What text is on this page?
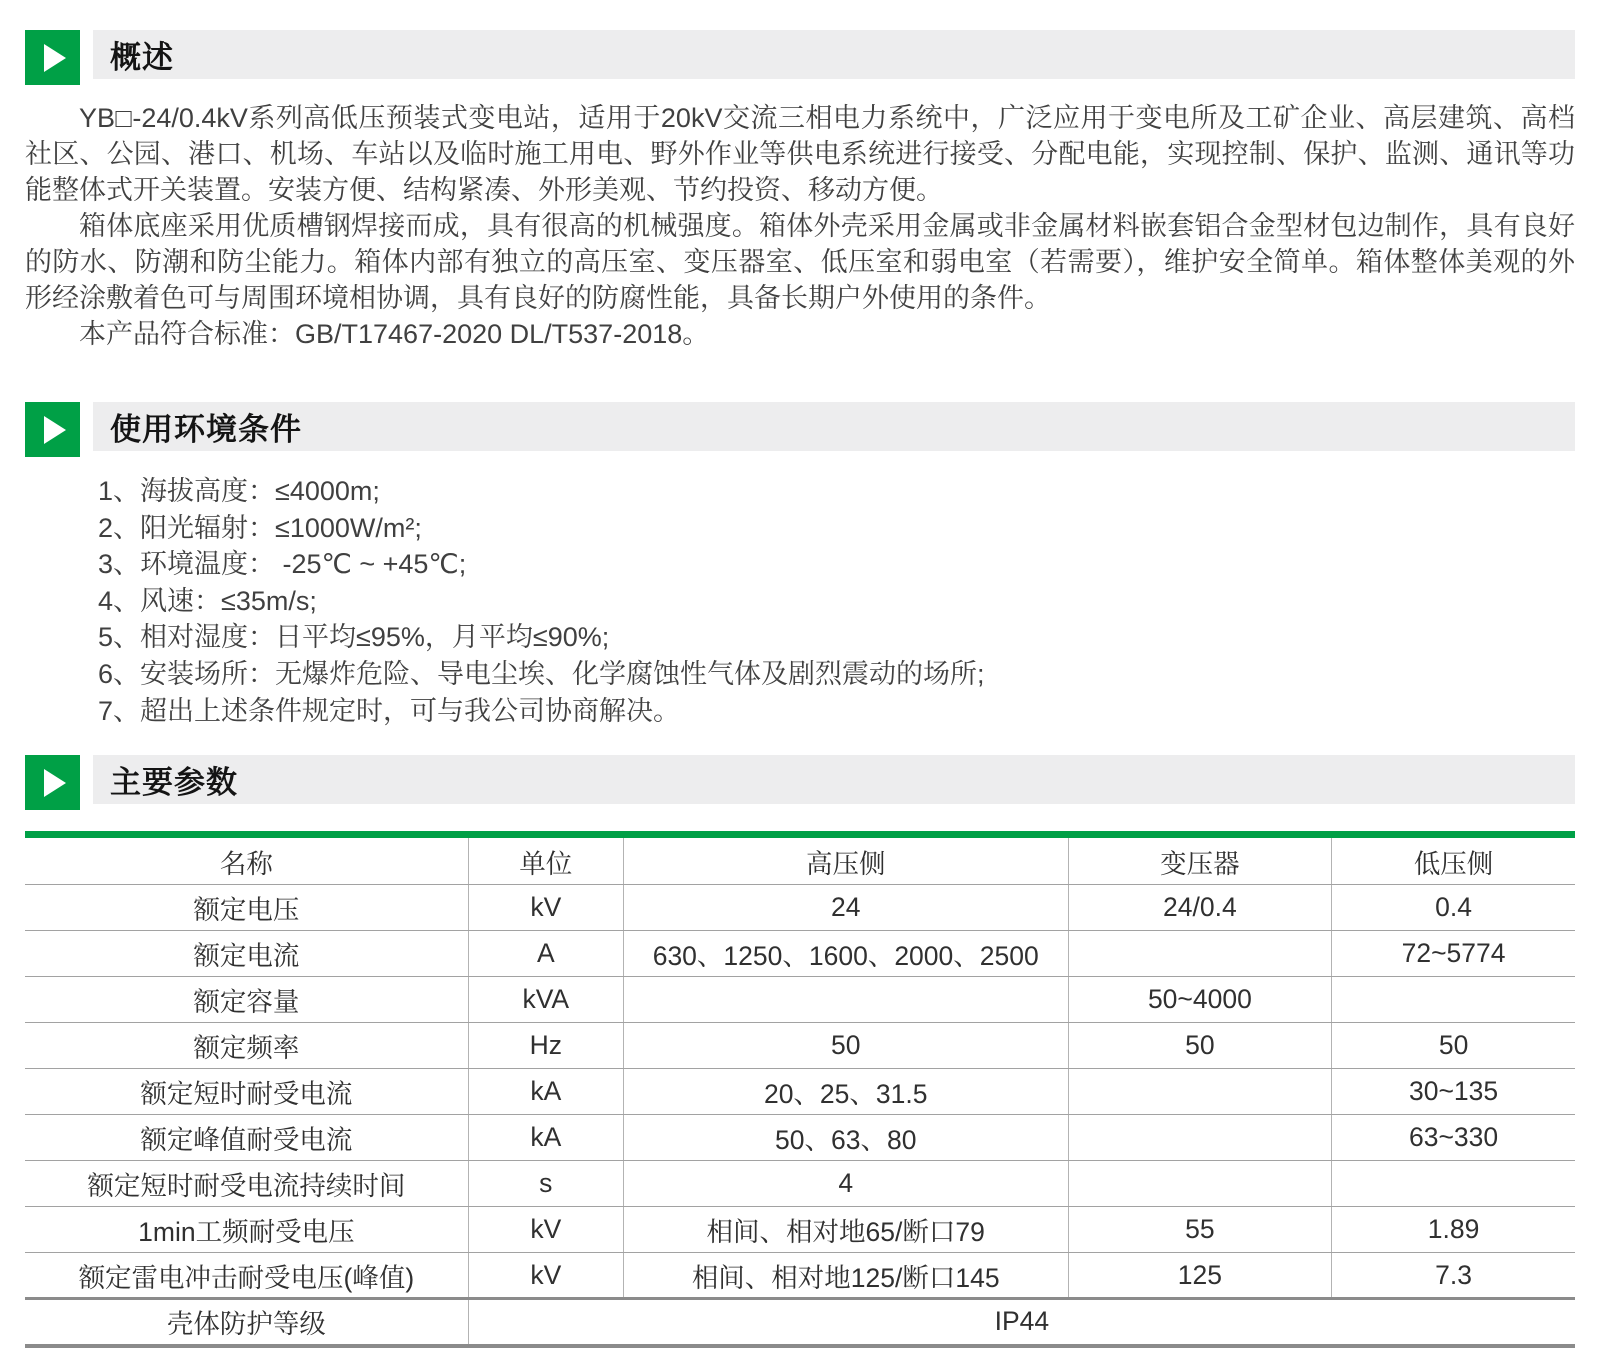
概述

YB□-24/0.4kV系列高低压预装式变电站，适用于20kV交流三相电力系统中，广泛应用于变电所及工矿企业、高层建筑、高档社区、公园、港口、机场、车站以及临时施工用电、野外作业等供电系统进行接受、分配电能，实现控制、保护、监测、通讯等功能整体式开关装置。安装方便、结构紧凑、外形美观、节约投资、移动方便。

箱体底座采用优质槽钢焊接而成，具有很高的机械强度。箱体外壳采用金属或非金属材料嵌套铝合金型材包边制作，具有良好的防水、防潮和防尘能力。箱体内部有独立的高压室、变压器室、低压室和弱电室（若需要），维护安全简单。箱体整体美观的外形经涂敷着色可与周围环境相协调，具有良好的防腐性能，具备长期户外使用的条件。

本产品符合标准：GB/T17467-2020 DL/T537-2018。

使用环境条件
1、海拔高度：≤4000m;
2、阳光辐射：≤1000W/m²;
3、环境温度： -25℃ ~ +45℃;
4、风速：≤35m/s;
5、相对湿度：日平均≤95%，月平均≤90%;
6、安装场所：无爆炸危险、导电尘埃、化学腐蚀性气体及剧烈震动的场所;
7、超出上述条件规定时，可与我公司协商解决。
主要参数
名称	单位	高压侧	变压器	低压侧
额定电压	kV	24	24/0.4	0.4
额定电流	A	630、1250、1600、2000、2500		72~5774
额定容量	kVA		50~4000	
额定频率	Hz	50	50	50
额定短时耐受电流	kA	20、25、31.5		30~135
额定峰值耐受电流	kA	50、63、80		63~330
额定短时耐受电流持续时间	s	4		
1min工频耐受电压	kV	相间、相对地65/断口79	55	1.89
额定雷电冲击耐受电压(峰值)	kV	相间、相对地125/断口145	125	7.3
壳体防护等级	IP44			
